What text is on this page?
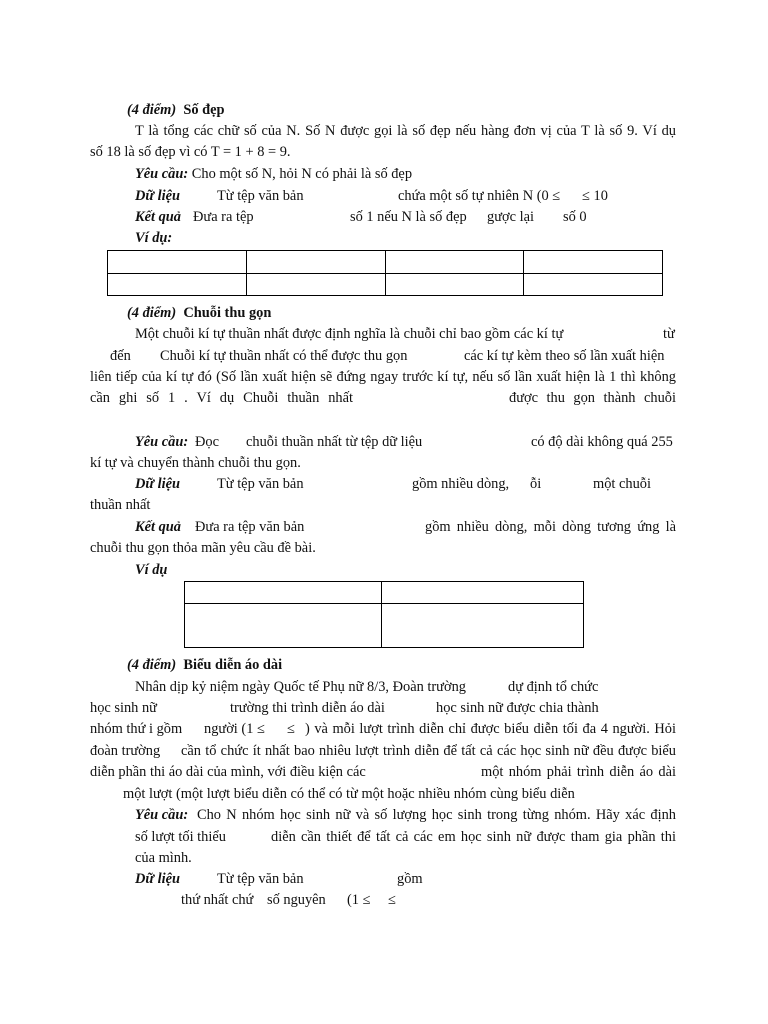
(4 điểm) Số đẹp
T là tổng các chữ số của N. Số N được gọi là số đẹp nếu hàng đơn vị của T là số 9. Ví dụ
số 18 là số đẹp vì có T = 1 + 8 = 9.
Yêu cầu: Cho một số N, hỏi N có phải là số đẹp
Dữ liệu	Từ tệp văn bản	chứa một số tự nhiên N (0 ≤ ≤ 10
Kết quả Đưa ra tệp	số 1 nếu N là số đẹp gược lại số 0
Ví dụ:

(4 điểm) Chuỗi thu gọn
Một chuỗi kí tự thuần nhất được định nghĩa là chuỗi chỉ bao gồm các kí tự	từ
đến Chuỗi kí tự thuần nhất có thể được thu gọn	các kí tự kèm theo số lần xuất hiện
liên tiếp của kí tự đó (Số lần xuất hiện sẽ đứng ngay trước kí tự, nếu số lần xuất hiện là 1 thì không
cần ghi số 1 . Ví dụ Chuỗi thuần nhất	được thu gọn thành chuỗi
Yêu cầu: Đọc chuỗi thuần nhất từ tệp dữ liệu	có độ dài không quá 255
kí tự và chuyển thành chuỗi thu gọn.
Dữ liệu	Từ tệp văn bản	gồm nhiều dòng, ỗi	một chuỗi
thuần nhất
Kết quả Đưa ra tệp văn bản	gồm nhiều dòng, mỗi dòng tương ứng là
chuỗi thu gọn thỏa mãn yêu cầu đề bài.
Ví dụ

(4 điểm) Biểu diễn áo dài
Nhân dịp kỷ niệm ngày Quốc tế Phụ nữ 8/3, Đoàn trường	dự định tổ chức
học sinh nữ	trường thi trình diễn áo dài	học sinh nữ được chia thành
nhóm thứ i gồm người (1 ≤ ≤ ) và mỗi lượt trình diễn chỉ được biểu diễn tối đa 4 người. Hỏi
đoàn trường cần tổ chức ít nhất bao nhiêu lượt trình diễn để tất cả các học sinh nữ đều được biểu
diễn phần thi áo dài của mình, với điều kiện các	một nhóm phải trình diễn áo dài
một lượt (một lượt biểu diễn có thể có từ một hoặc nhiều nhóm cùng biểu diễn
Yêu cầu: Cho N nhóm học sinh nữ và số lượng học sinh trong từng nhóm. Hãy xác định
số lượt tối thiểu	diễn cần thiết để tất cả các em học sinh nữ được tham gia phần thi
của mình.
Dữ liệu	Từ tệp văn bản	gồm
thứ nhất chứ số nguyên (1 ≤ ≤
